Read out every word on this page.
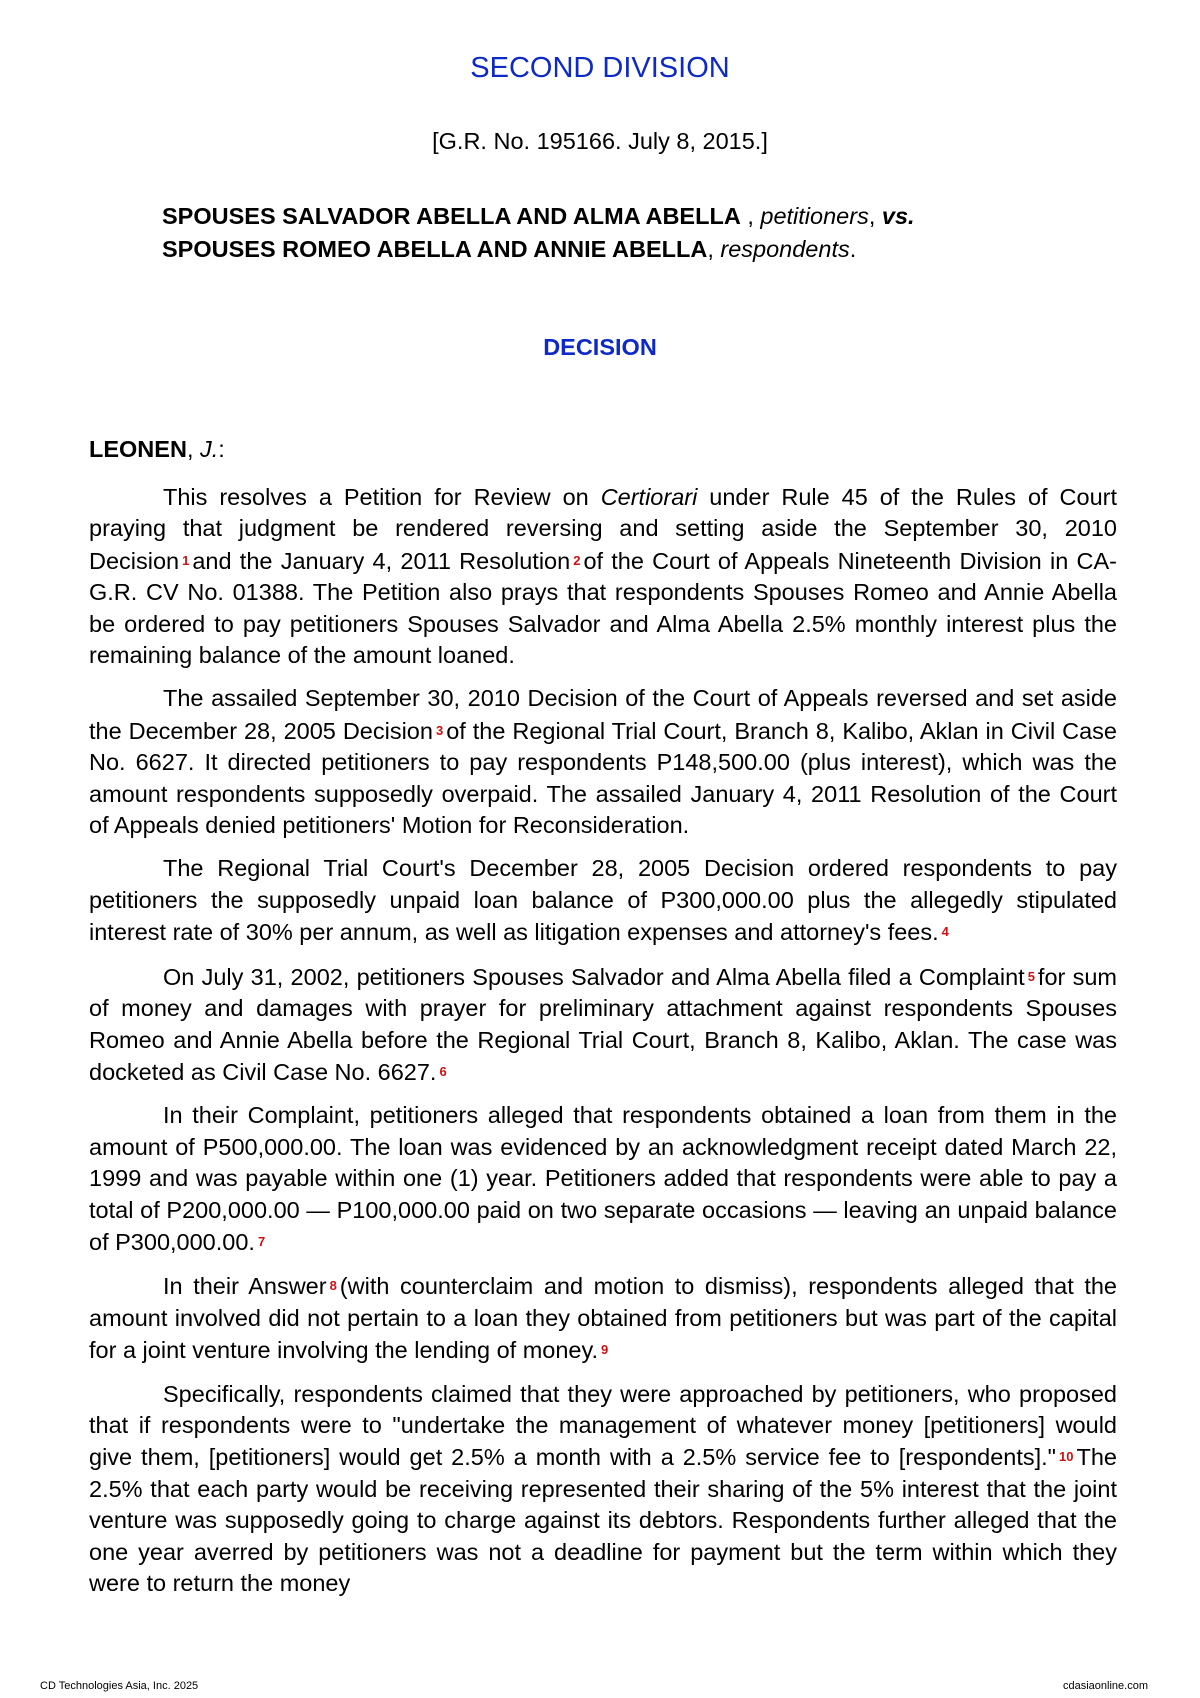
SECOND DIVISION
[G.R. No. 195166. July 8, 2015.]
SPOUSES SALVADOR ABELLA AND ALMA ABELLA , petitioners, vs.
SPOUSES ROMEO ABELLA AND ANNIE ABELLA, respondents.
DECISION
LEONEN, J.:

This resolves a Petition for Review on Certiorari under Rule 45 of the Rules of Court praying that judgment be rendered reversing and setting aside the September 30, 2010 Decision $^1$ and the January 4, 2011 Resolution $^2$ of the Court of Appeals Nineteenth Division in CA-G.R. CV No. 01388. The Petition also prays that respondents Spouses Romeo and Annie Abella be ordered to pay petitioners Spouses Salvador and Alma Abella 2.5% monthly interest plus the remaining balance of the amount loaned.

The assailed September 30, 2010 Decision of the Court of Appeals reversed and set aside the December 28, 2005 Decision $^3$ of the Regional Trial Court, Branch 8, Kalibo, Aklan in Civil Case No. 6627. It directed petitioners to pay respondents P148,500.00 (plus interest), which was the amount respondents supposedly overpaid. The assailed January 4, 2011 Resolution of the Court of Appeals denied petitioners' Motion for Reconsideration.

The Regional Trial Court's December 28, 2005 Decision ordered respondents to pay petitioners the supposedly unpaid loan balance of P300,000.00 plus the allegedly stipulated interest rate of 30% per annum, as well as litigation expenses and attorney's fees. $^4$

On July 31, 2002, petitioners Spouses Salvador and Alma Abella filed a Complaint $^5$ for sum of money and damages with prayer for preliminary attachment against respondents Spouses Romeo and Annie Abella before the Regional Trial Court, Branch 8, Kalibo, Aklan. The case was docketed as Civil Case No. 6627. $^6$

In their Complaint, petitioners alleged that respondents obtained a loan from them in the amount of P500,000.00. The loan was evidenced by an acknowledgment receipt dated March 22, 1999 and was payable within one (1) year. Petitioners added that respondents were able to pay a total of P200,000.00 — P100,000.00 paid on two separate occasions — leaving an unpaid balance of P300,000.00. $^7$

In their Answer $^8$ (with counterclaim and motion to dismiss), respondents alleged that the amount involved did not pertain to a loan they obtained from petitioners but was part of the capital for a joint venture involving the lending of money. $^9$

Specifically, respondents claimed that they were approached by petitioners, who proposed that if respondents were to "undertake the management of whatever money [petitioners] would give them, [petitioners] would get 2.5% a month with a 2.5% service fee to [respondents]." $^{10}$ The 2.5% that each party would be receiving represented their sharing of the 5% interest that the joint venture was supposedly going to charge against its debtors. Respondents further alleged that the one year averred by petitioners was not a deadline for payment but the term within which they were to return the money

CD Technologies Asia, Inc. 2025	cdasiaonline.com
